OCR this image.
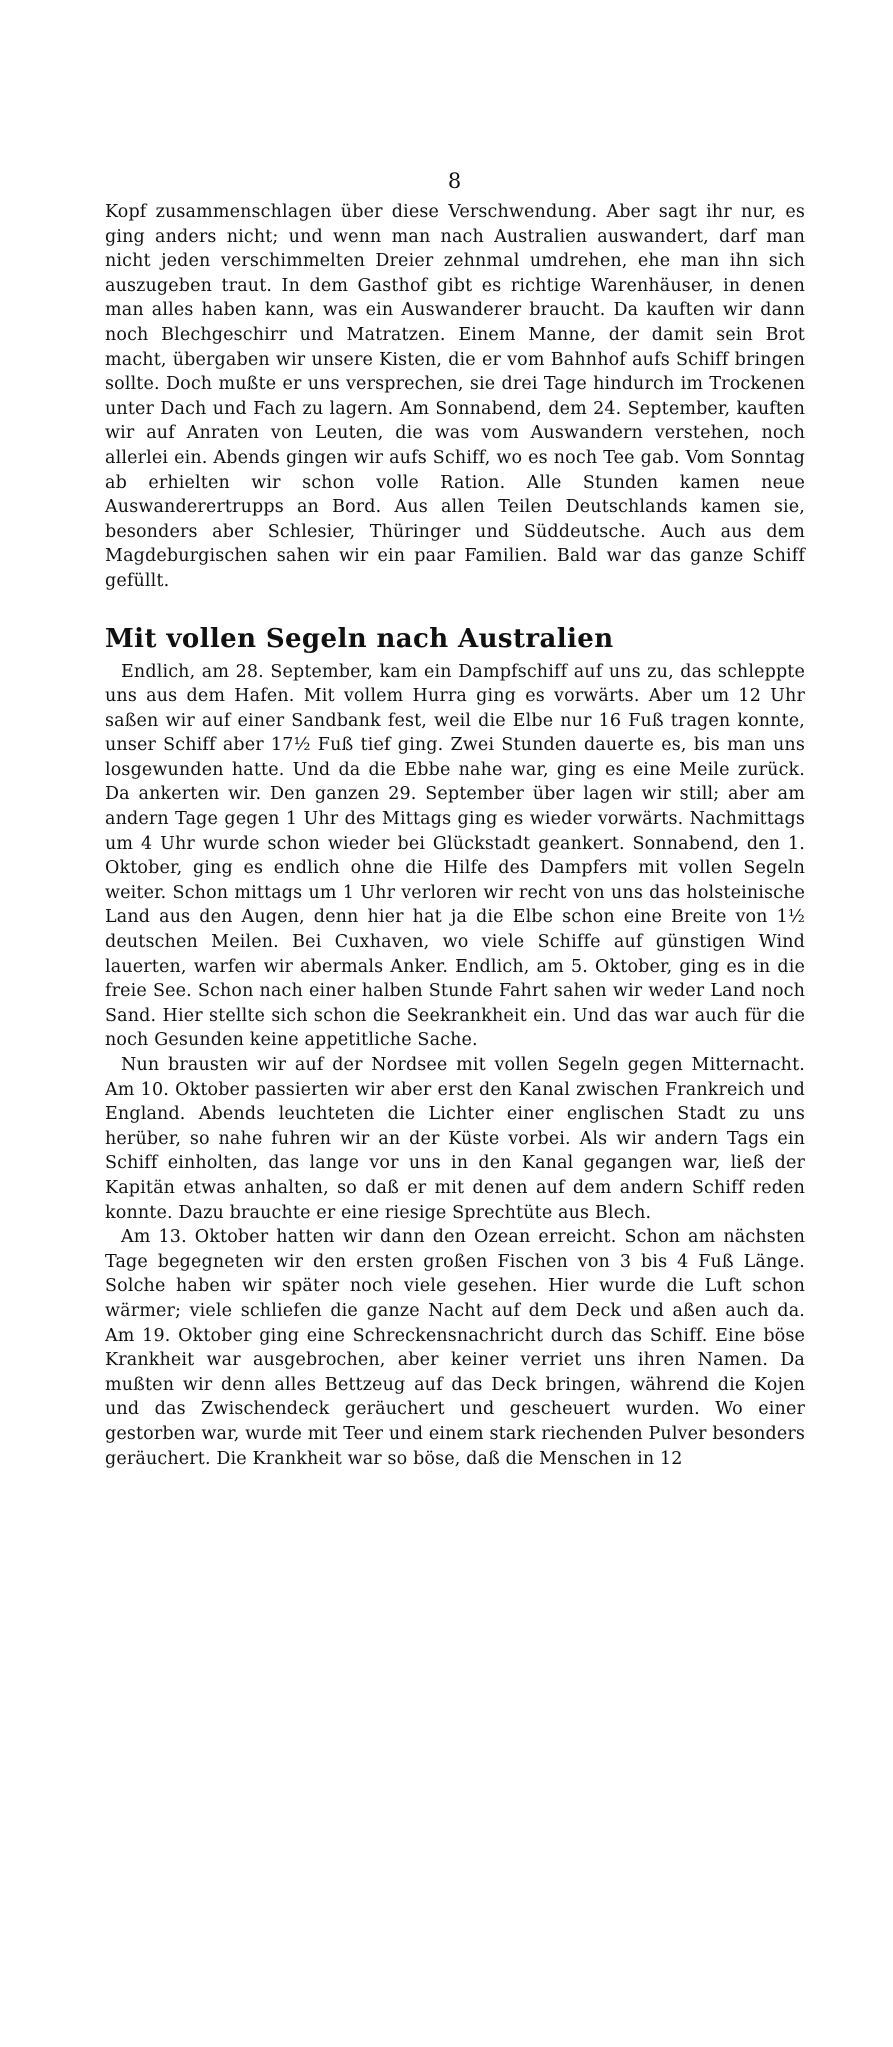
8

Kopf zusammenschlagen über diese Verschwendung. Aber sagt ihr nur, es ging anders nicht; und wenn man nach Australien auswandert, darf man nicht jeden verschimmelten Dreier zehnmal umdrehen, ehe man ihn sich auszugeben traut. In dem Gasthof gibt es richtige Warenhäuser, in denen man alles haben kann, was ein Auswanderer braucht. Da kauften wir dann noch Blechgeschirr und Matratzen. Einem Manne, der damit sein Brot macht, übergaben wir unsere Kisten, die er vom Bahnhof aufs Schiff bringen sollte. Doch mußte er uns versprechen, sie drei Tage hindurch im Trockenen unter Dach und Fach zu lagern. Am Sonnabend, dem 24. September, kauften wir auf Anraten von Leuten, die was vom Auswandern verstehen, noch allerlei ein. Abends gingen wir aufs Schiff, wo es noch Tee gab. Vom Sonntag ab erhielten wir schon volle Ration. Alle Stunden kamen neue Auswanderertrupps an Bord. Aus allen Teilen Deutschlands kamen sie, besonders aber Schlesier, Thüringer und Süddeutsche. Auch aus dem Magdeburgischen sahen wir ein paar Familien. Bald war das ganze Schiff gefüllt.

Mit vollen Segeln nach Australien

Endlich, am 28. September, kam ein Dampfschiff auf uns zu, das schleppte uns aus dem Hafen. Mit vollem Hurra ging es vorwärts. Aber um 12 Uhr saßen wir auf einer Sandbank fest, weil die Elbe nur 16 Fuß tragen konnte, unser Schiff aber 17½ Fuß tief ging. Zwei Stunden dauerte es, bis man uns losgewunden hatte. Und da die Ebbe nahe war, ging es eine Meile zurück. Da ankerten wir. Den ganzen 29. September über lagen wir still; aber am andern Tage gegen 1 Uhr des Mittags ging es wieder vorwärts. Nachmittags um 4 Uhr wurde schon wieder bei Glückstadt geankert. Sonnabend, den 1. Oktober, ging es endlich ohne die Hilfe des Dampfers mit vollen Segeln weiter. Schon mittags um 1 Uhr verloren wir recht von uns das holsteinische Land aus den Augen, denn hier hat ja die Elbe schon eine Breite von 1½ deutschen Meilen. Bei Cuxhaven, wo viele Schiffe auf günstigen Wind lauerten, warfen wir abermals Anker. Endlich, am 5. Oktober, ging es in die freie See. Schon nach einer halben Stunde Fahrt sahen wir weder Land noch Sand. Hier stellte sich schon die Seekrankheit ein. Und das war auch für die noch Gesunden keine appetitliche Sache.

Nun brausten wir auf der Nordsee mit vollen Segeln gegen Mitternacht. Am 10. Oktober passierten wir aber erst den Kanal zwischen Frankreich und England. Abends leuchteten die Lichter einer englischen Stadt zu uns herüber, so nahe fuhren wir an der Küste vorbei. Als wir andern Tags ein Schiff einholten, das lange vor uns in den Kanal gegangen war, ließ der Kapitän etwas anhalten, so daß er mit denen auf dem andern Schiff reden konnte. Dazu brauchte er eine riesige Sprechtüte aus Blech.

Am 13. Oktober hatten wir dann den Ozean erreicht. Schon am nächsten Tage begegneten wir den ersten großen Fischen von 3 bis 4 Fuß Länge. Solche haben wir später noch viele gesehen. Hier wurde die Luft schon wärmer; viele schliefen die ganze Nacht auf dem Deck und aßen auch da. Am 19. Oktober ging eine Schreckensnachricht durch das Schiff. Eine böse Krankheit war ausgebrochen, aber keiner verriet uns ihren Namen. Da mußten wir denn alles Bettzeug auf das Deck bringen, während die Kojen und das Zwischendeck geräuchert und gescheuert wurden. Wo einer gestorben war, wurde mit Teer und einem stark riechenden Pulver besonders geräuchert. Die Krankheit war so böse, daß die Menschen in 12
